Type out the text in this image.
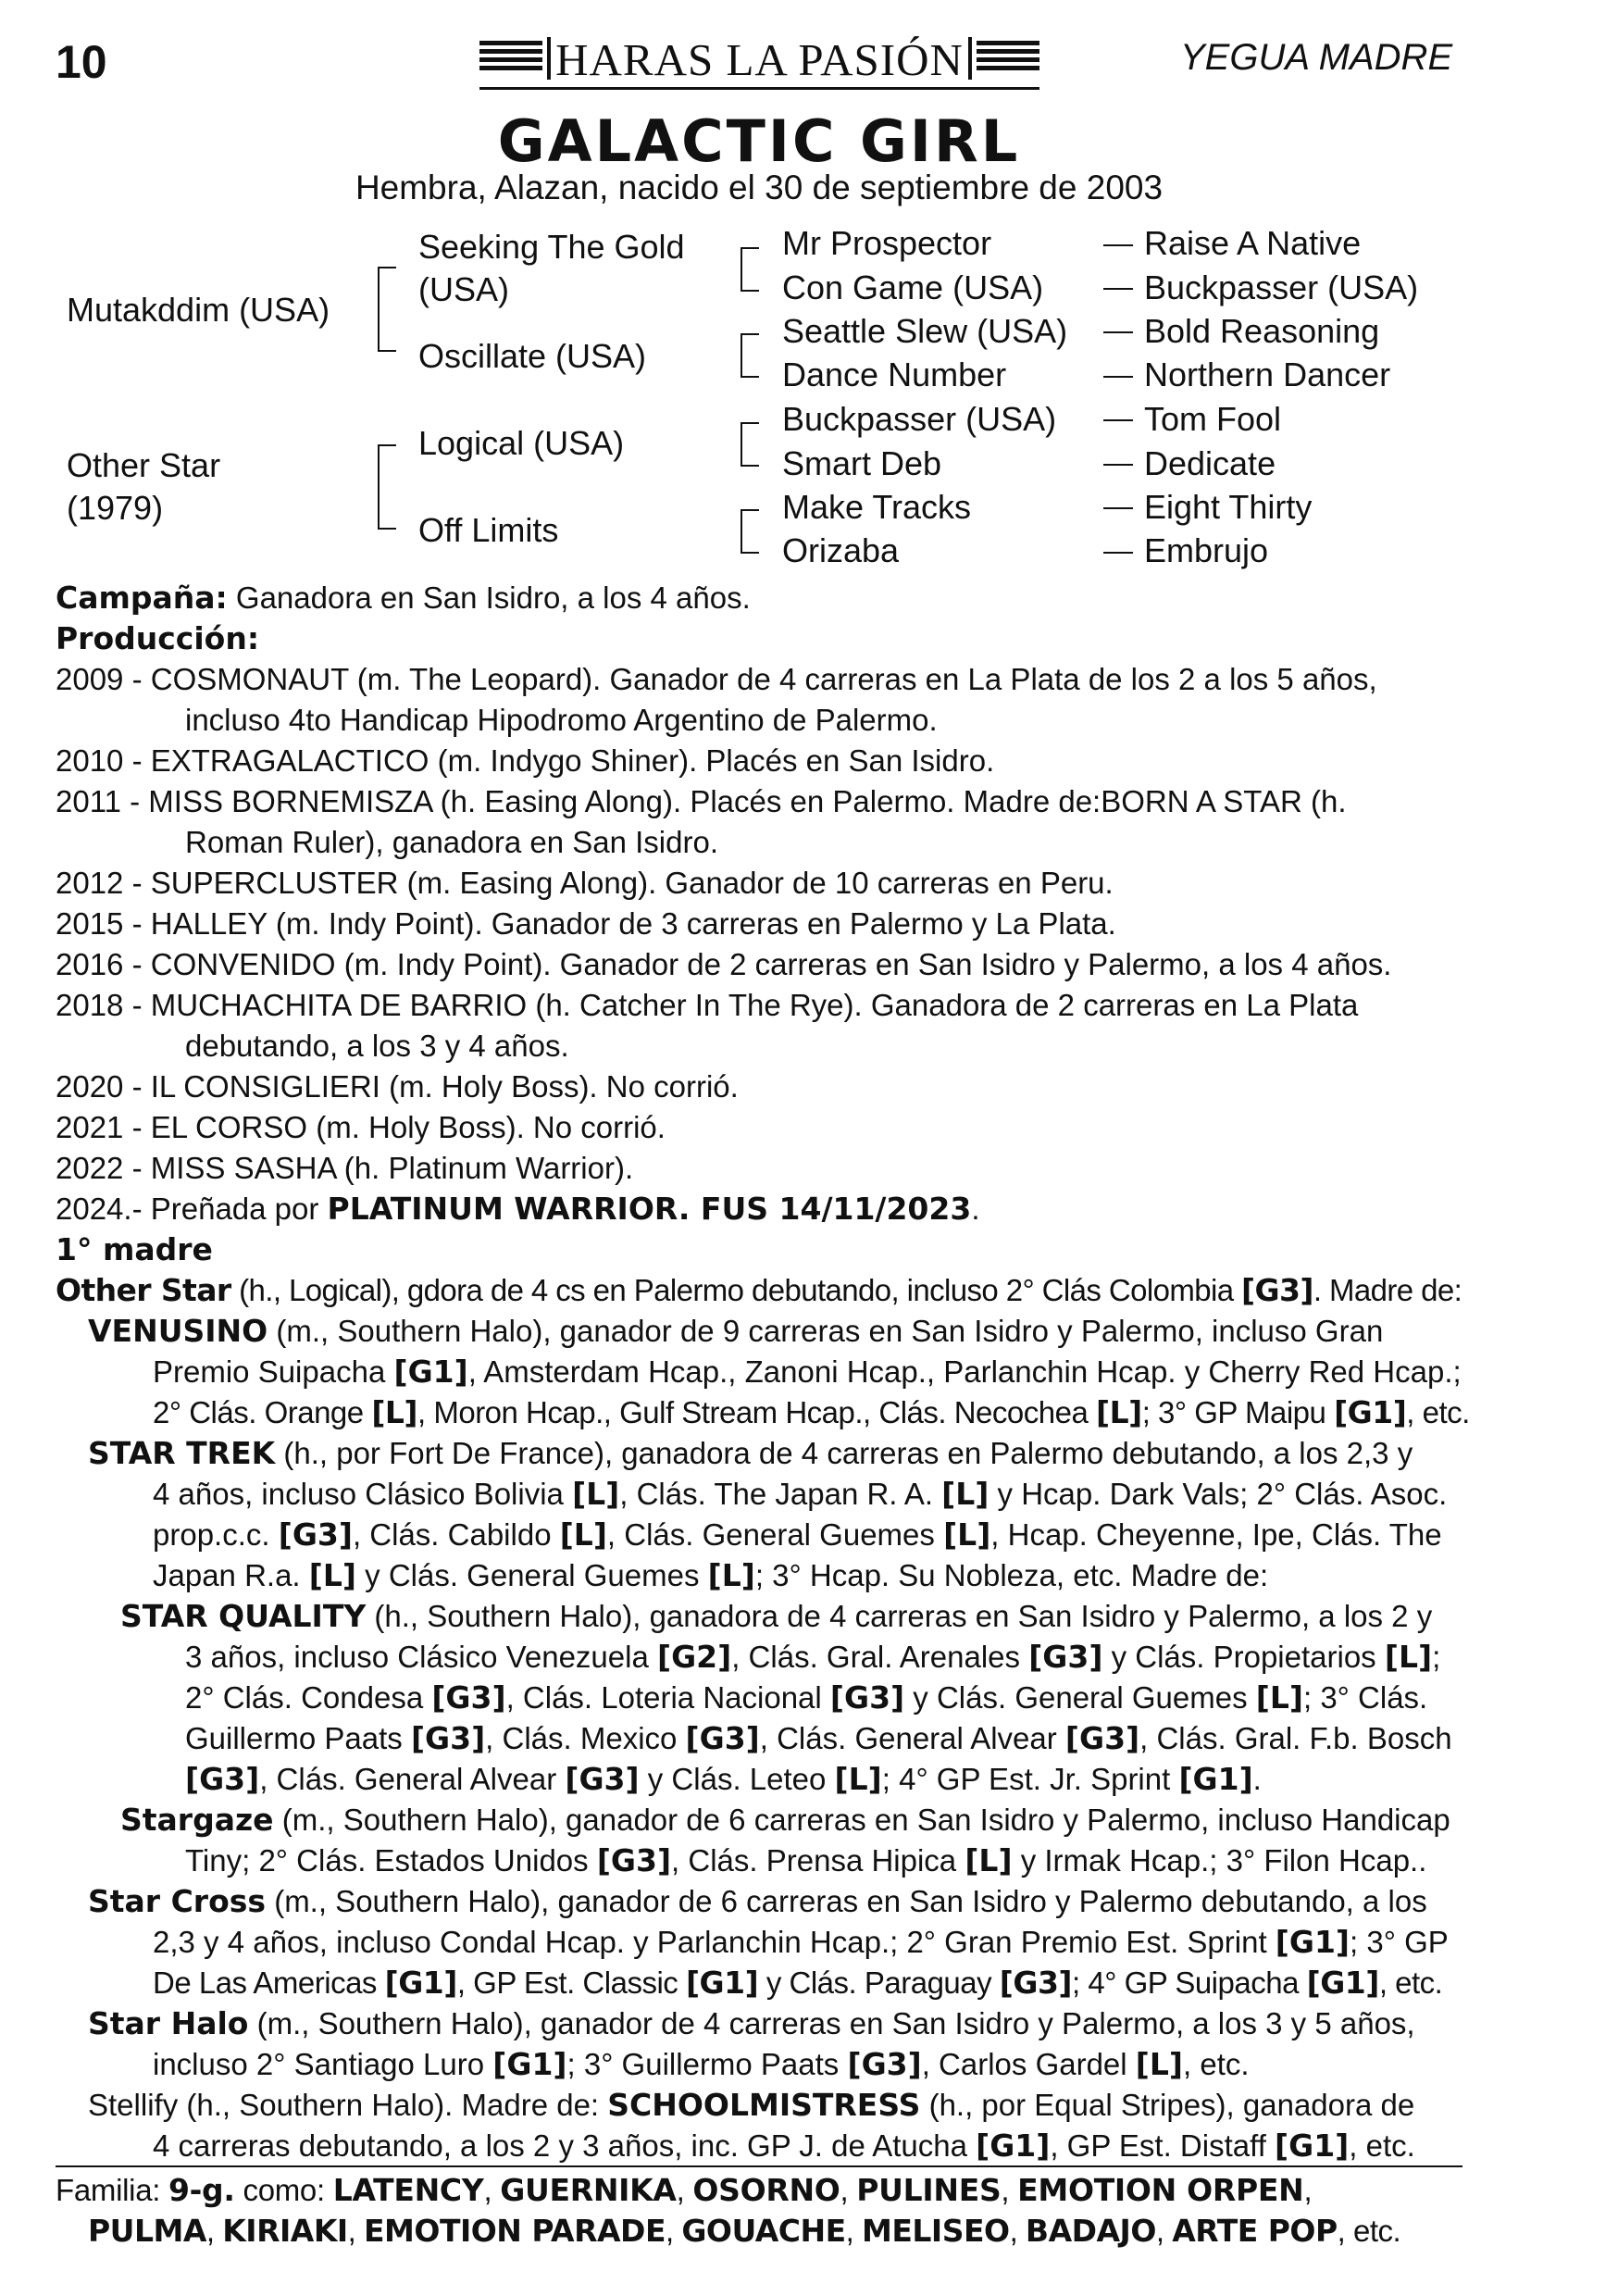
10	HARAS LA PASIÓN	YEGUA MADRE
GALACTIC GIRL
Hembra, Alazan, nacido el 30 de septiembre de 2003
Mutakddim (USA)
Other Star
(1979)
Seeking The Gold
(USA)
Oscillate (USA)
Logical (USA)
Off Limits
Mr Prospector
Con Game (USA)
Seattle Slew (USA)
Dance Number
Buckpasser (USA)
Smart Deb
Make Tracks
Orizaba
Raise A Native
Buckpasser (USA)
Bold Reasoning
Northern Dancer
Tom Fool
Dedicate
Eight Thirty
Embrujo
Campaña: Ganadora en San Isidro, a los 4 años.
Producción:
2009 - COSMONAUT (m. The Leopard). Ganador de 4 carreras en La Plata de los 2 a los 5 años,
incluso 4to Handicap Hipodromo Argentino de Palermo.
2010 - EXTRAGALACTICO (m. Indygo Shiner). Placés en San Isidro.
2011 - MISS BORNEMISZA (h. Easing Along). Placés en Palermo. Madre de:BORN A STAR (h.
Roman Ruler), ganadora en San Isidro.
2012 - SUPERCLUSTER (m. Easing Along). Ganador de 10 carreras en Peru.
2015 - HALLEY (m. Indy Point). Ganador de 3 carreras en Palermo y La Plata.
2016 - CONVENIDO (m. Indy Point). Ganador de 2 carreras en San Isidro y Palermo, a los 4 años.
2018 - MUCHACHITA DE BARRIO (h. Catcher In The Rye). Ganadora de 2 carreras en La Plata
debutando, a los 3 y 4 años.
2020 - IL CONSIGLIERI (m. Holy Boss). No corrió.
2021 - EL CORSO (m. Holy Boss). No corrió.
2022 - MISS SASHA (h. Platinum Warrior).
2024.- Preñada por PLATINUM WARRIOR. FUS 14/11/2023.
1° madre
Other Star (h., Logical), gdora de 4 cs en Palermo debutando, incluso 2° Clás Colombia [G3]. Madre de:
VENUSINO (m., Southern Halo), ganador de 9 carreras en San Isidro y Palermo, incluso Gran
Premio Suipacha [G1], Amsterdam Hcap., Zanoni Hcap., Parlanchin Hcap. y Cherry Red Hcap.;
2° Clás. Orange [L], Moron Hcap., Gulf Stream Hcap., Clás. Necochea [L]; 3° GP Maipu [G1], etc.
STAR TREK (h., por Fort De France), ganadora de 4 carreras en Palermo debutando, a los 2,3 y
4 años, incluso Clásico Bolivia [L], Clás. The Japan R. A. [L] y Hcap. Dark Vals; 2° Clás. Asoc.
prop.c.c. [G3], Clás. Cabildo [L], Clás. General Guemes [L], Hcap. Cheyenne, Ipe, Clás. The
Japan R.a. [L] y Clás. General Guemes [L]; 3° Hcap. Su Nobleza, etc. Madre de:
STAR QUALITY (h., Southern Halo), ganadora de 4 carreras en San Isidro y Palermo, a los 2 y
3 años, incluso Clásico Venezuela [G2], Clás. Gral. Arenales [G3] y Clás. Propietarios [L];
2° Clás. Condesa [G3], Clás. Loteria Nacional [G3] y Clás. General Guemes [L]; 3° Clás.
Guillermo Paats [G3], Clás. Mexico [G3], Clás. General Alvear [G3], Clás. Gral. F.b. Bosch
[G3], Clás. General Alvear [G3] y Clás. Leteo [L]; 4° GP Est. Jr. Sprint [G1].
Stargaze (m., Southern Halo), ganador de 6 carreras en San Isidro y Palermo, incluso Handicap
Tiny; 2° Clás. Estados Unidos [G3], Clás. Prensa Hipica [L] y Irmak Hcap.; 3° Filon Hcap..
Star Cross (m., Southern Halo), ganador de 6 carreras en San Isidro y Palermo debutando, a los
2,3 y 4 años, incluso Condal Hcap. y Parlanchin Hcap.; 2° Gran Premio Est. Sprint [G1]; 3° GP
De Las Americas [G1], GP Est. Classic [G1] y Clás. Paraguay [G3]; 4° GP Suipacha [G1], etc.
Star Halo (m., Southern Halo), ganador de 4 carreras en San Isidro y Palermo, a los 3 y 5 años,
incluso 2° Santiago Luro [G1]; 3° Guillermo Paats [G3], Carlos Gardel [L], etc.
Stellify (h., Southern Halo). Madre de: SCHOOLMISTRESS (h., por Equal Stripes), ganadora de
4 carreras debutando, a los 2 y 3 años, inc. GP J. de Atucha [G1], GP Est. Distaff [G1], etc.
Familia: 9-g. como: LATENCY, GUERNIKA, OSORNO, PULINES, EMOTION ORPEN,
PULMA, KIRIAKI, EMOTION PARADE, GOUACHE, MELISEO, BADAJO, ARTE POP, etc.
